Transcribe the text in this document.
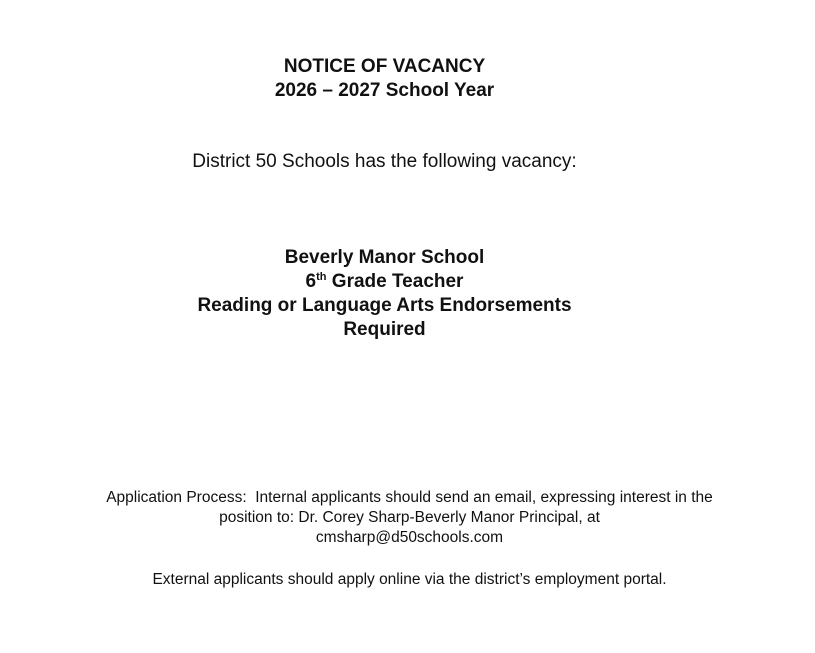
NOTICE OF VACANCY
2026 – 2027 School Year
District 50 Schools has the following vacancy:
Beverly Manor School
6th Grade Teacher
Reading or Language Arts Endorsements
Required
Application Process:  Internal applicants should send an email, expressing interest in the
position to: Dr. Corey Sharp-Beverly Manor Principal, at
cmsharp@d50schools.com
External applicants should apply online via the district’s employment portal.
